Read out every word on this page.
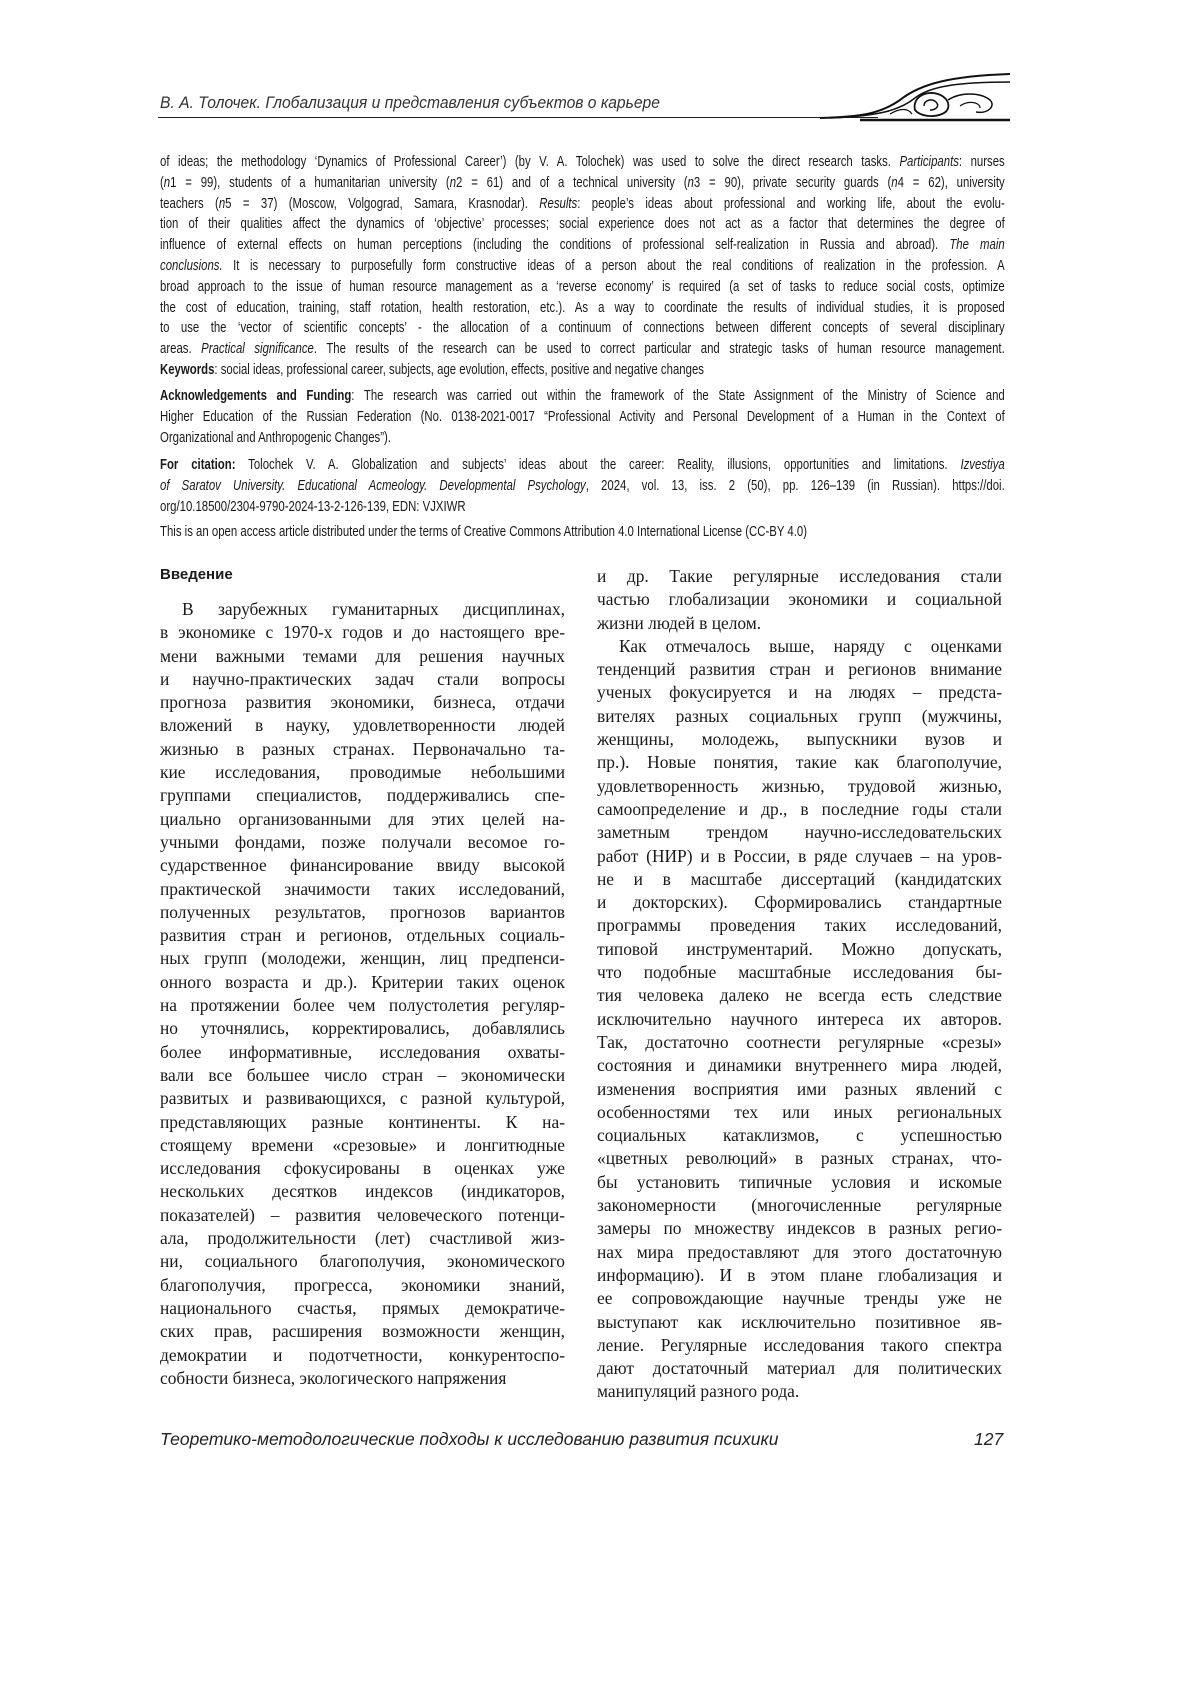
В. А. Толочек. Глобализация и представления субъектов о карьере
of ideas; the methodology ‘Dynamics of Professional Career’) (by V. A. Tolochek) was used to solve the direct research tasks. Participants: nurses
(n1 = 99), students of a humanitarian university (n2 = 61) and of a technical university (n3 = 90), private security guards (n4 = 62), university
teachers (n5 = 37) (Moscow, Volgograd, Samara, Krasnodar). Results: people’s ideas about professional and working life, about the evolu-
tion of their qualities affect the dynamics of ‘objective’ processes; social experience does not act as a factor that determines the degree of
influence of external effects on human perceptions (including the conditions of professional self-realization in Russia and abroad). The main
conclusions. It is necessary to purposefully form constructive ideas of a person about the real conditions of realization in the profession. A
broad approach to the issue of human resource management as a ‘reverse economy’ is required (a set of tasks to reduce social costs, optimize
the cost of education, training, staff rotation, health restoration, etc.). As a way to coordinate the results of individual studies, it is proposed
to use the ‘vector of scientific concepts’ - the allocation of a continuum of connections between different concepts of several disciplinary
areas. Practical significance. The results of the research can be used to correct particular and strategic tasks of human resource management.
Keywords: social ideas, professional career, subjects, age evolution, effects, positive and negative changes
Acknowledgements and Funding: The research was carried out within the framework of the State Assignment of the Ministry of Science and
Higher Education of the Russian Federation (No. 0138-2021-0017 “Professional Activity and Personal Development of a Human in the Context of
Organizational and Anthropogenic Changes”).
For citation: Tolochek V. A. Globalization and subjects’ ideas about the career: Reality, illusions, opportunities and limitations. Izvestiya
of Saratov University. Educational Acmeology. Developmental Psychology, 2024, vol. 13, iss. 2 (50), pp. 126–139 (in Russian). https://doi.
org/10.18500/2304-9790-2024-13-2-126-139, EDN: VJXIWR
This is an open access article distributed under the terms of Creative Commons Attribution 4.0 International License (CC-BY 4.0)
Введение
В зарубежных гуманитарных дисциплинах,
в экономике с 1970-х годов и до настоящего вре-
мени важными темами для решения научных
и научно-практических задач стали вопросы
прогноза развития экономики, бизнеса, отдачи
вложений в науку, удовлетворенности людей
жизнью в разных странах. Первоначально та-
кие исследования, проводимые небольшими
группами специалистов, поддерживались спе-
циально организованными для этих целей на-
учными фондами, позже получали весомое го-
сударственное финансирование ввиду высокой
практической значимости таких исследований,
полученных результатов, прогнозов вариантов
развития стран и регионов, отдельных социаль-
ных групп (молодежи, женщин, лиц предпенси-
онного возраста и др.). Критерии таких оценок
на протяжении более чем полустолетия регуляр-
но уточнялись, корректировались, добавлялись
более информативные, исследования охваты-
вали все большее число стран – экономически
развитых и развивающихся, с разной культурой,
представляющих разные континенты. К на-
стоящему времени «срезовые» и лонгитюдные
исследования сфокусированы в оценках уже
нескольких десятков индексов (индикаторов,
показателей) – развития человеческого потенци-
ала, продолжительности (лет) счастливой жиз-
ни, социального благополучия, экономического
благополучия, прогресса, экономики знаний,
национального счастья, прямых демократиче-
ских прав, расширения возможности женщин,
демократии и подотчетности, конкурентоспо-
собности бизнеса, экологического напряжения
и др. Такие регулярные исследования стали
частью глобализации экономики и социальной
жизни людей в целом.
Как отмечалось выше, наряду с оценками
тенденций развития стран и регионов внимание
ученых фокусируется и на людях – предста-
вителях разных социальных групп (мужчины,
женщины, молодежь, выпускники вузов и
пр.). Новые понятия, такие как благополучие,
удовлетворенность жизнью, трудовой жизнью,
самоопределение и др., в последние годы стали
заметным трендом научно-исследовательских
работ (НИР) и в России, в ряде случаев – на уров-
не и в масштабе диссертаций (кандидатских
и докторских). Сформировались стандартные
программы проведения таких исследований,
типовой инструментарий. Можно допускать,
что подобные масштабные исследования бы-
тия человека далеко не всегда есть следствие
исключительно научного интереса их авторов.
Так, достаточно соотнести регулярные «срезы»
состояния и динамики внутреннего мира людей,
изменения восприятия ими разных явлений с
особенностями тех или иных региональных
социальных катаклизмов, с успешностью
«цветных революций» в разных странах, что-
бы установить типичные условия и искомые
закономерности (многочисленные регулярные
замеры по множеству индексов в разных регио-
нах мира предоставляют для этого достаточную
информацию). И в этом плане глобализация и
ее сопровождающие научные тренды уже не
выступают как исключительно позитивное яв-
ление. Регулярные исследования такого спектра
дают достаточный материал для политических
манипуляций разного рода.
Теоретико-методологические подходы к исследованию развития психики	127
